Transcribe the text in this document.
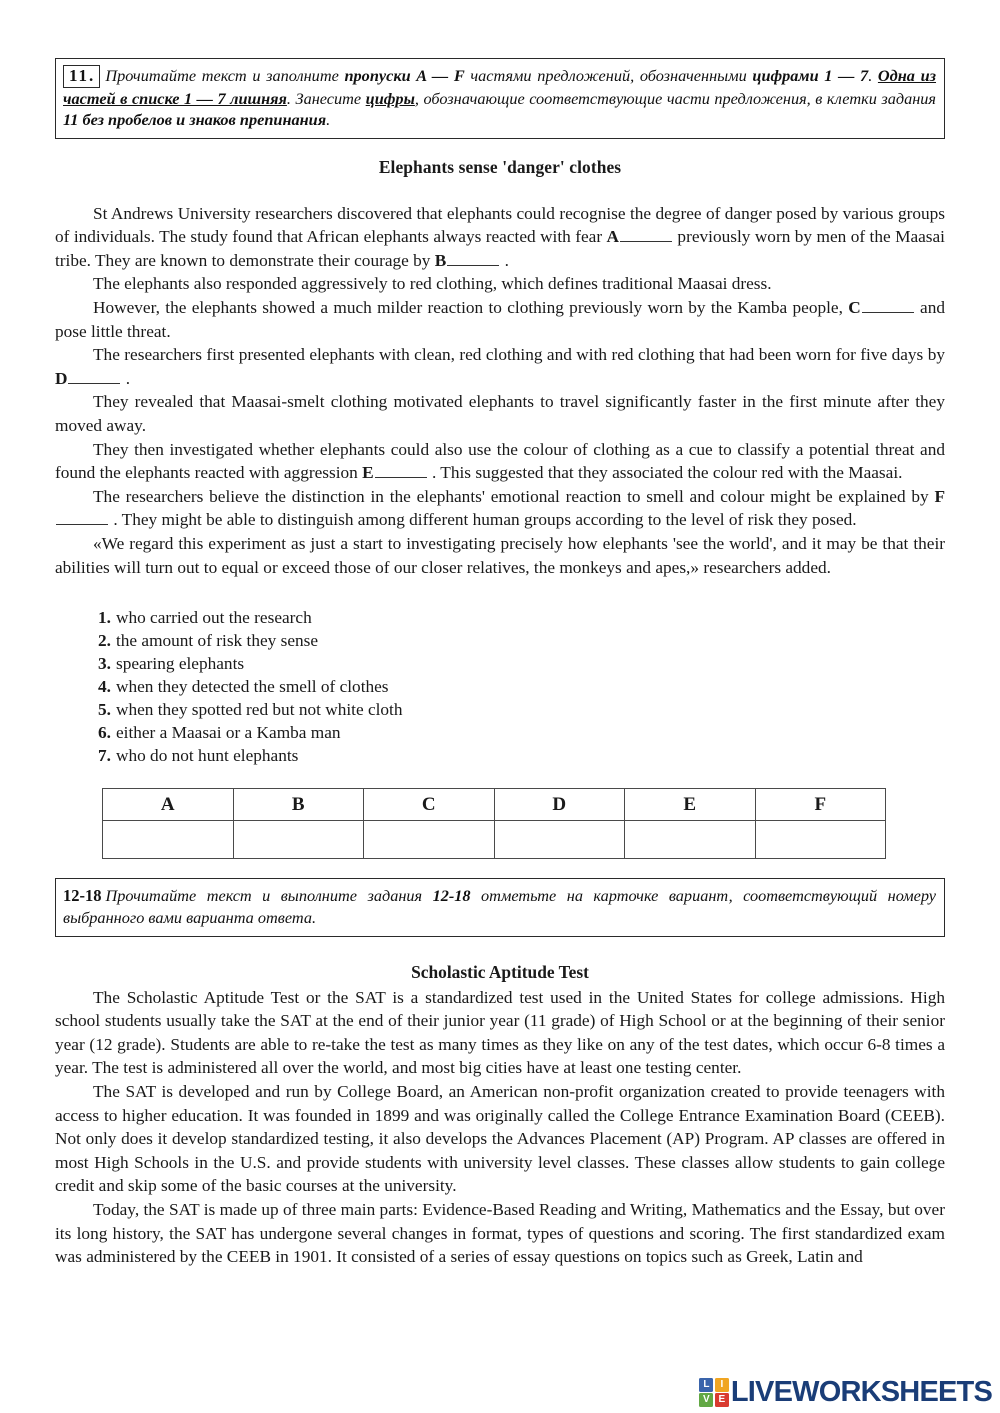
11. Прочитайте текст и заполните пропуски A — F частями предложений, обозначенными цифрами 1 — 7. Одна из частей в списке 1 — 7 лишняя. Занесите цифры, обозначающие соответствующие части предложения, в клетки задания 11 без пробелов и знаков препинания.
Elephants sense 'danger' clothes

St Andrews University researchers discovered that elephants could recognise the degree of danger posed by various groups of individuals. The study found that African elephants always reacted with fear A	previously worn by men of the Maasai tribe. They are known to demonstrate their courage by B	.

The elephants also responded aggressively to red clothing, which defines traditional Maasai dress.

However, the elephants showed a much milder reaction to clothing previously worn by the Kamba people, C	and pose little threat.

The researchers first presented elephants with clean, red clothing and with red clothing that had been worn for five days by D	.

They revealed that Maasai-smelt clothing motivated elephants to travel significantly faster in the first minute after they moved away.

They then investigated whether elephants could also use the colour of clothing as a cue to classify a potential threat and found the elephants reacted with aggression E	. This suggested that they associated the colour red with the Maasai.

The researchers believe the distinction in the elephants' emotional reaction to smell and colour might be explained by F . They might be able to distinguish among different human groups according to the level of risk they posed.

«We regard this experiment as just a start to investigating precisely how elephants 'see the world', and it may be that their abilities will turn out to equal or exceed those of our closer relatives, the monkeys and apes,» researchers added.

1. who carried out the research
2. the amount of risk they sense
3. spearing elephants
4. when they detected the smell of clothes
5. when they spotted red but not white cloth
6. either a Maasai or a Kamba man
7. who do not hunt elephants
A	B	C	D	E	F

12-18 Прочитайте текст и выполните задания 12-18 отметьте на карточке вариант, соответствующий номеру выбранного вами варианта ответа.
Scholastic Aptitude Test

The Scholastic Aptitude Test or the SAT is a standardized test used in the United States for college admissions. High school students usually take the SAT at the end of their junior year (11 grade) of High School or at the beginning of their senior year (12 grade). Students are able to re-take the test as many times as they like on any of the test dates, which occur 6-8 times a year. The test is administered all over the world, and most big cities have at least one testing center.

The SAT is developed and run by College Board, an American non-profit organization created to provide teenagers with access to higher education. It was founded in 1899 and was originally called the College Entrance Examination Board (CEEB). Not only does it develop standardized testing, it also develops the Advances Placement (AP) Program. AP classes are offered in most High Schools in the U.S. and provide students with university level classes. These classes allow students to gain college credit and skip some of the basic courses at the university.

Today, the SAT is made up of three main parts: Evidence-Based Reading and Writing, Mathematics and the Essay, but over its long history, the SAT has undergone several changes in format, types of questions and scoring. The first standardized exam was administered by the CEEB in 1901. It consisted of a series of essay questions on topics such as Greek, Latin and

L	I
V E LIVEWORKSHEETS
